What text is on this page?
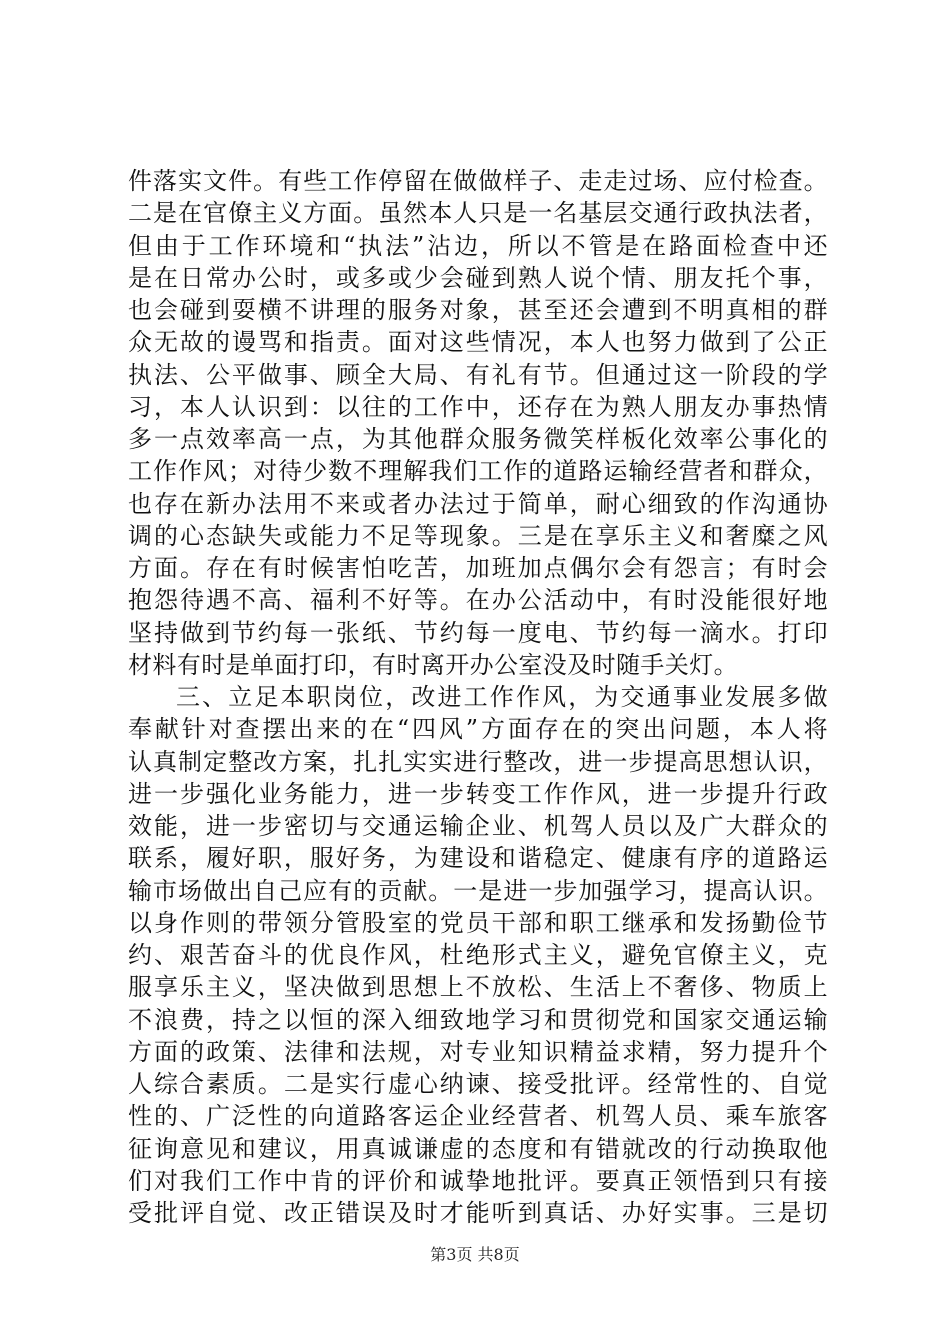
件落实文件。有些工作停留在做做样子、走走过场、应付检查。
二是在官僚主义方面。虽然本人只是一名基层交通行政执法者，
但由于工作环境和“执法”沾边，所以不管是在路面检查中还
是在日常办公时，或多或少会碰到熟人说个情、朋友托个事，
也会碰到耍横不讲理的服务对象，甚至还会遭到不明真相的群
众无故的谩骂和指责。面对这些情况，本人也努力做到了公正
执法、公平做事、顾全大局、有礼有节。但通过这一阶段的学
习，本人认识到：以往的工作中，还存在为熟人朋友办事热情
多一点效率高一点，为其他群众服务微笑样板化效率公事化的
工作作风；对待少数不理解我们工作的道路运输经营者和群众，
也存在新办法用不来或者办法过于简单，耐心细致的作沟通协
调的心态缺失或能力不足等现象。三是在享乐主义和奢糜之风
方面。存在有时候害怕吃苦，加班加点偶尔会有怨言；有时会
抱怨待遇不高、福利不好等。在办公活动中，有时没能很好地
坚持做到节约每一张纸、节约每一度电、节约每一滴水。打印
材料有时是单面打印，有时离开办公室没及时随手关灯。
三、立足本职岗位，改进工作作风，为交通事业发展多做
奉献针对查摆出来的在“四风”方面存在的突出问题，本人将
认真制定整改方案，扎扎实实进行整改，进一步提高思想认识，
进一步强化业务能力，进一步转变工作作风，进一步提升行政
效能，进一步密切与交通运输企业、机驾人员以及广大群众的
联系，履好职，服好务，为建设和谐稳定、健康有序的道路运
输市场做出自己应有的贡献。一是进一步加强学习，提高认识。
以身作则的带领分管股室的党员干部和职工继承和发扬勤俭节
约、艰苦奋斗的优良作风，杜绝形式主义，避免官僚主义，克
服享乐主义，坚决做到思想上不放松、生活上不奢侈、物质上
不浪费，持之以恒的深入细致地学习和贯彻党和国家交通运输
方面的政策、法律和法规，对专业知识精益求精，努力提升个
人综合素质。二是实行虚心纳谏、接受批评。经常性的、自觉
性的、广泛性的向道路客运企业经营者、机驾人员、乘车旅客
征询意见和建议，用真诚谦虚的态度和有错就改的行动换取他
们对我们工作中肯的评价和诚挚地批评。要真正领悟到只有接
受批评自觉、改正错误及时才能听到真话、办好实事。三是切
第3页 共8页
